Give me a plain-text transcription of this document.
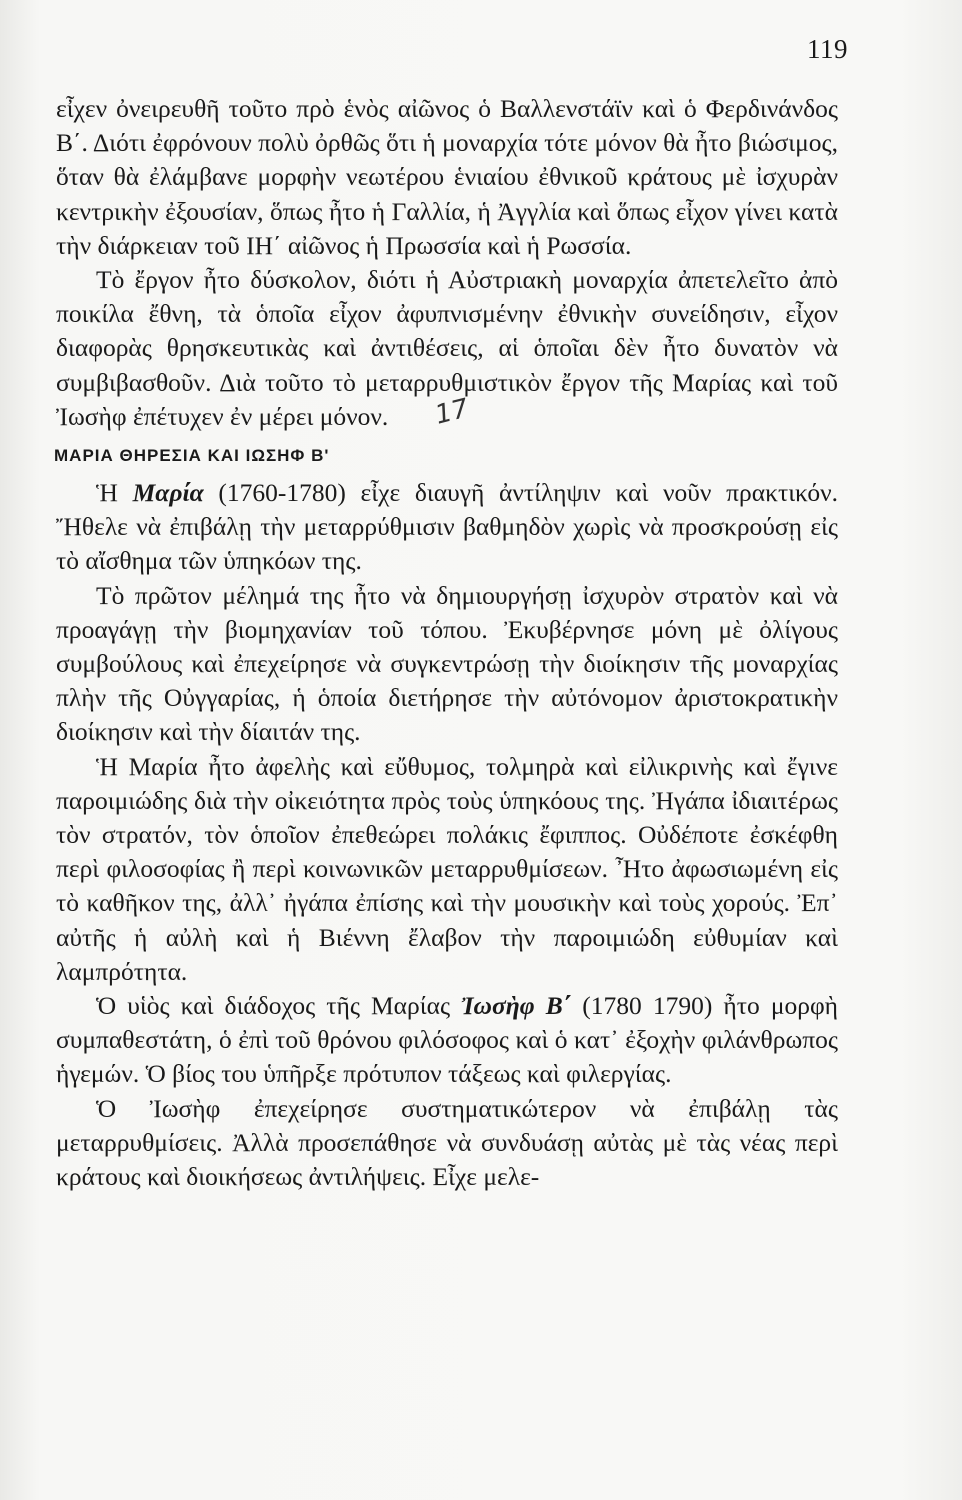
119

εἶχεν ὀνειρευθῆ τοῦτο πρὸ ἑνὸς αἰῶνος ὁ Βαλλενστάϊν καὶ ὁ Φερδινάνδος Β΄. Διότι ἐφρόνουν πολὺ ὀρθῶς ὅτι ἡ μοναρχία τότε μόνον θὰ ἦτο βιώσιμος, ὅταν θὰ ἐλάμβανε μορφὴν νεωτέρου ἑνιαίου ἐθνικοῦ κράτους μὲ ἰσχυρὰν κεντρικὴν ἐξουσίαν, ὅπως ἦτο ἡ Γαλλία, ἡ Ἀγγλία καὶ ὅπως εἶχον γίνει κατὰ τὴν διάρκειαν τοῦ ΙΗ΄ αἰῶνος ἡ Πρωσσία καὶ ἡ Ρωσσία.

Τὸ ἔργον ἦτο δύσκολον, διότι ἡ Αὐστριακὴ μοναρχία ἀπετελεῖτο ἀπὸ ποικίλα ἔθνη, τὰ ὁποῖα εἶχον ἀφυπνισμένην ἐθνικὴν συνείδησιν, εἶχον διαφορὰς θρησκευτικὰς καὶ ἀντιθέσεις, αἱ ὁποῖαι δὲν ἦτο δυνατὸν νὰ συμβιβασθοῦν. Διὰ τοῦτο τὸ μεταρρυθμιστικὸν ἔργον τῆς Μαρίας καὶ τοῦ Ἰωσὴφ ἐπέτυχεν ἐν μέρει μόνον. 17

ΜΑΡΙΑ ΘΗΡΕΣΙΑ ΚΑΙ ΙΩΣΗΦ Β'

Ἡ Μαρία (1760-1780) εἶχε διαυγῆ ἀντίληψιν καὶ νοῦν πρακτικόν. Ἤθελε νὰ ἐπιβάλῃ τὴν μεταρρύθμισιν βαθμηδὸν χωρὶς νὰ προσκρούσῃ εἰς τὸ αἴσθημα τῶν ὑπηκόων της.

Τὸ πρῶτον μέλημά της ἦτο νὰ δημιουργήσῃ ἰσχυρὸν στρατὸν καὶ νὰ προαγάγῃ τὴν βιομηχανίαν τοῦ τόπου. Ἐκυβέρνησε μόνη μὲ ὀλίγους συμβούλους καὶ ἐπεχείρησε νὰ συγκεντρώσῃ τὴν διοίκησιν τῆς μοναρχίας πλὴν τῆς Οὐγγαρίας, ἡ ὁποία διετήρησε τὴν αὐτόνομον ἀριστοκρατικὴν διοίκησιν καὶ τὴν δίαιτάν της.

Ἡ Μαρία ἦτο ἀφελὴς καὶ εὔθυμος, τολμηρὰ καὶ εἰλικρινὴς καὶ ἔγινε παροιμιώδης διὰ τὴν οἰκειότητα πρὸς τοὺς ὑπηκόους της. Ἠγάπα ἰδιαιτέρως τὸν στρατόν, τὸν ὁποῖον ἐπεθεώρει πολάκις ἔφιππος. Οὐδέποτε ἐσκέφθη περὶ φιλοσοφίας ἢ περὶ κοινωνικῶν μεταρρυθμίσεων. Ἦτο ἀφωσιωμένη εἰς τὸ καθῆκον της, ἀλλ᾽ ἠγάπα ἐπίσης καὶ τὴν μουσικὴν καὶ τοὺς χορούς. Ἐπ᾽ αὐτῆς ἡ αὐλὴ καὶ ἡ Βιέννη ἔλαβον τὴν παροιμιώδη εὐθυμίαν καὶ λαμπρότητα.

Ὁ υἱὸς καὶ διάδοχος τῆς Μαρίας Ἰωσὴφ Β΄ (1780 1790) ἦτο μορφὴ συμπαθεστάτη, ὁ ἐπὶ τοῦ θρόνου φιλόσοφος καὶ ὁ κατ᾽ ἐξοχὴν φιλάνθρωπος ἡγεμών. Ὁ βίος του ὑπῆρξε πρότυπον τάξεως καὶ φιλεργίας.

Ὁ Ἰωσὴφ ἐπεχείρησε συστηματικώτερον νὰ ἐπιβάλῃ τὰς μεταρρυθμίσεις. Ἀλλὰ προσεπάθησε νὰ συνδυάσῃ αὐτὰς μὲ τὰς νέας περὶ κράτους καὶ διοικήσεως ἀντιλήψεις. Εἶχε μελε-
